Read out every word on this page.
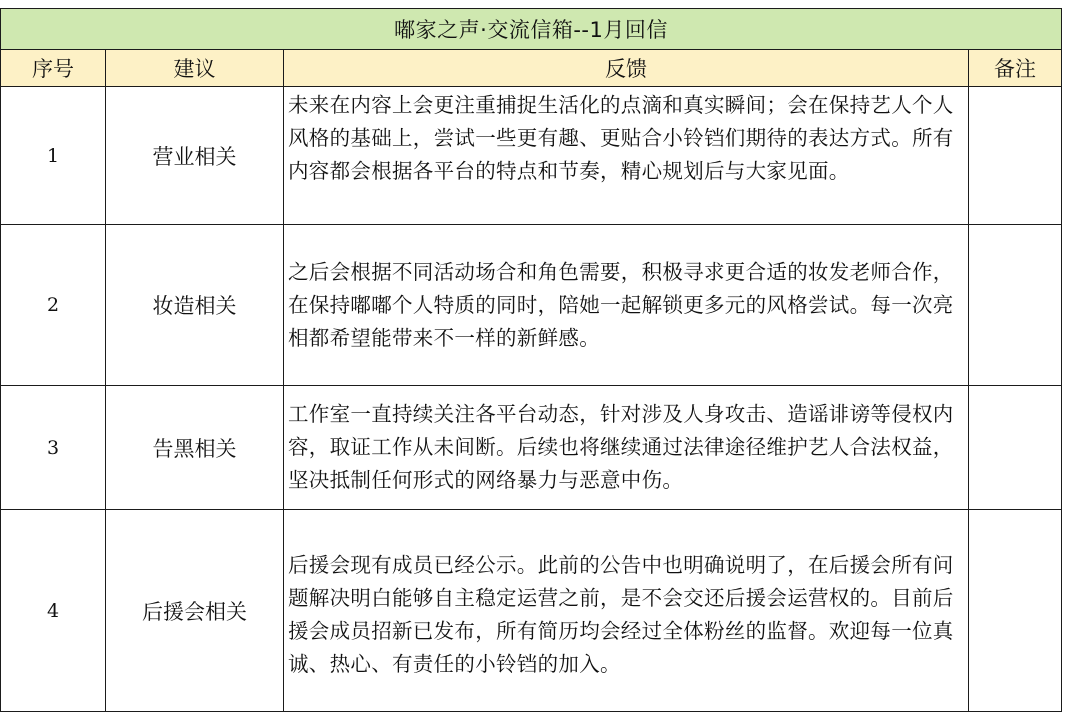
嘟家之声·交流信箱--1月回信			
序号	建议	反馈	备注
1	营业相关	未来在内容上会更注重捕捉生活化的点滴和真实瞬间；会在保持艺人个人风格的基础上，尝试一些更有趣、更贴合小铃铛们期待的表达方式。所有内容都会根据各平台的特点和节奏，精心规划后与大家见面。	
2	妆造相关	之后会根据不同活动场合和角色需要，积极寻求更合适的妆发老师合作，在保持嘟嘟个人特质的同时，陪她一起解锁更多元的风格尝试。每一次亮相都希望能带来不一样的新鲜感。	
3	告黑相关	工作室一直持续关注各平台动态，针对涉及人身攻击、造谣诽谤等侵权内容，取证工作从未间断。后续也将继续通过法律途径维护艺人合法权益，坚决抵制任何形式的网络暴力与恶意中伤。	
4	后援会相关	后援会现有成员已经公示。此前的公告中也明确说明了，在后援会所有问题解决明白能够自主稳定运营之前，是不会交还后援会运营权的。目前后援会成员招新已发布，所有简历均会经过全体粉丝的监督。欢迎每一位真诚、热心、有责任的小铃铛的加入。	
